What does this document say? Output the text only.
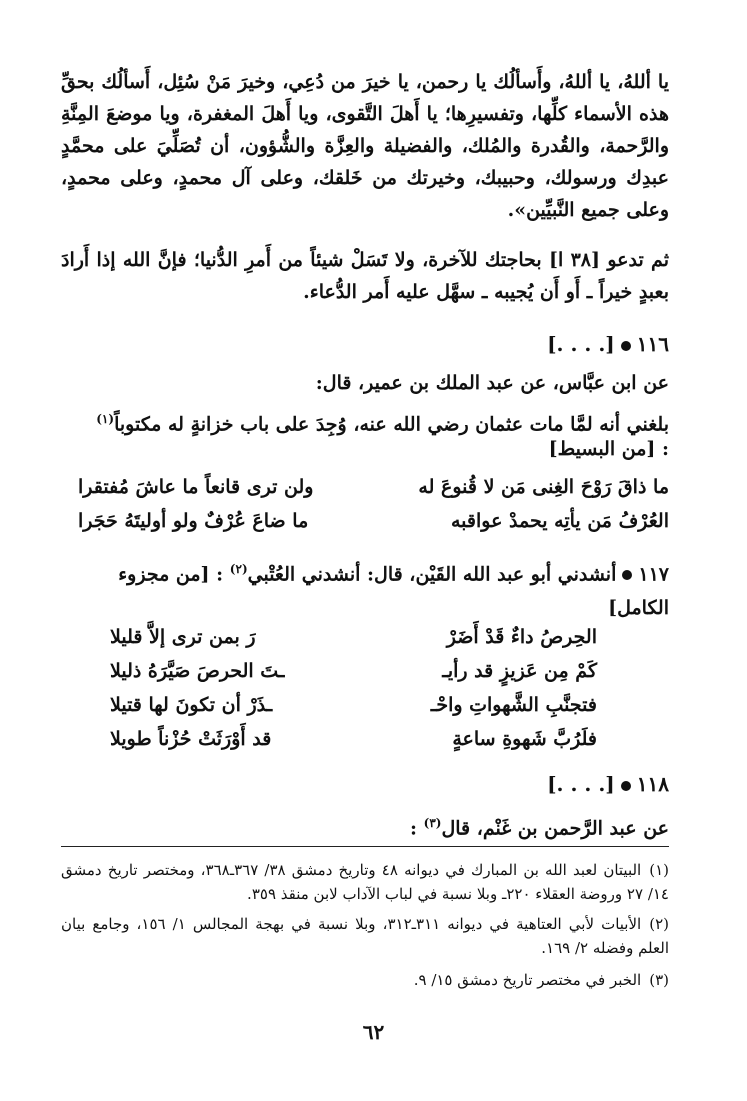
يا أللهُ، يا أللهُ، وأَسألُك يا رحمن، يا خيرَ من دُعِي، وخيرَ مَنْ سُئِل، أَسألُك بحقِّ هذه الأسماء كلِّها، وتفسيرِها؛ يا أَهلَ التَّقوى، ويا أَهلَ المغفرة، ويا موضعَ المِنَّةِ والرَّحمة، والقُدرة والمُلك، والفضيلة والعِزَّة والشُّؤون، أن تُصَلِّيَ على محمَّدٍ عبدِك ورسولك، وحبيبك، وخيرتك من خَلقك، وعلى آل محمدٍ، وعلى محمدٍ، وعلى جميع النَّبيِّين».
ثم تدعو [٣٨ ا] بحاجتك للآخرة، ولا تَسَلْ شيئاً من أَمرِ الدُّنيا؛ فإنَّ الله إذا أَرادَ بعبدٍ خيراً ـ أَو أَن يُجيبه ـ سهَّل عليه أَمر الدُّعاء.
١١٦[. . . .]
عن ابن عبَّاس، عن عبد الملك بن عمير، قال:
بلغني أنه لمَّا مات عثمان رضي الله عنه، وُجِدَ على باب خزانةٍ له مكتوباً$^{(١)}$
: [من البسيط]
ما ذاقَ رَوْحَ الغِنى مَن لا قُنوعَ له
ولن ترى قانعاً ما عاشَ مُفتقرا
العُرْفُ مَن يأتِه يحمدْ عواقبه
ما ضاعَ عُرْفٌ ولو أوليتَهُ حَجَرا
١١٧أنشدني أبو عبد الله القَيْن، قال: أنشدني العُتْبي$^{(٢)}$ : [من مجزوء الكامل]
الحِرصُ داءٌ قَدْ أَضَرْ
رَ بمن ترى إلاَّ قليلا
كَمْ مِن عَزيزٍ قد رأيـ
ـتَ الحرصَ صَيَّرَهُ ذليلا
فتجنَّبِ الشَّهواتِ واحْـ
ـذَرْ أن تكونَ لها قتيلا
فلَرُبَّ شَهوةِ ساعةٍ
قد أَوْرَثَتْ حُزْناً طويلا
١١٨[. . . .]
عن عبد الرَّحمن بن غَنْم، قال$^{(٣)}$ :
(١)البيتان لعبد الله بن المبارك في ديوانه ٤٨ وتاريخ دمشق ٣٨/ ٣٦٧ـ٣٦٨، ومختصر تاريخ دمشق ١٤/ ٢٧ وروضة العقلاء ٢٢٠ـ وبلا نسبة في لباب الآداب لابن منقذ ٣٥٩.
(٢)الأبيات لأبي العتاهية في ديوانه ٣١١ـ٣١٢، وبلا نسبة في بهجة المجالس ١/ ١٥٦، وجامع بيان العلم وفضله ٢/ ١٦٩.
(٣)الخبر في مختصر تاريخ دمشق ١٥/ ٩.
٦٢
